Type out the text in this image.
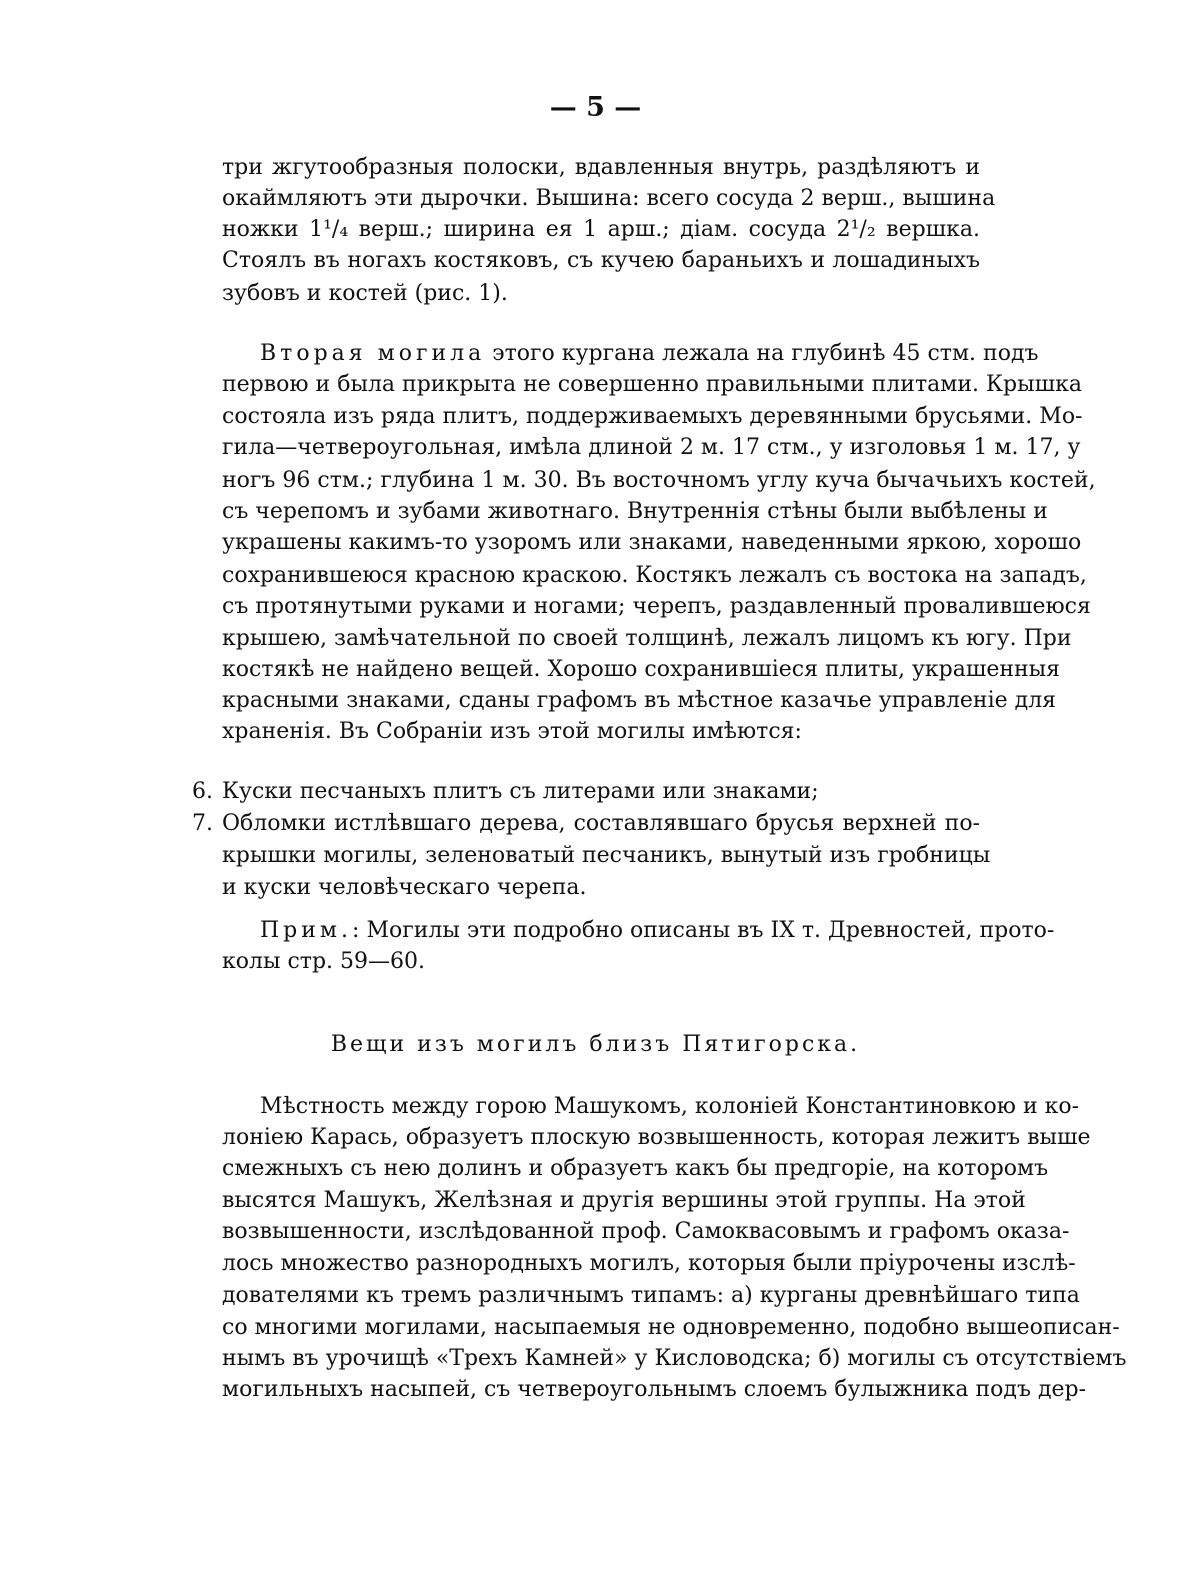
— 5 —
три жгутообразныя полоски, вдавленныя внутрь, раздѣляютъ и
окаймляютъ эти дырочки. Вышина: всего сосуда 2 верш., вышина
ножки 1¹/₄ верш.; ширина ея 1 арш.; діам. сосуда 2¹/₂ вершка.
Стоялъ въ ногахъ костяковъ, съ кучею бараньихъ и лошадиныхъ
зубовъ и костей (рис. 1).
Вторая могила этого кургана лежала на глубинѣ 45 стм. подъ
первою и была прикрыта не совершенно правильными плитами. Крышка
состояла изъ ряда плитъ, поддерживаемыхъ деревянными брусьями. Мо-
гила—четвероугольная, имѣла длиной 2 м. 17 стм., у изголовья 1 м. 17, у
ногъ 96 стм.; глубина 1 м. 30. Въ восточномъ углу куча бычачьихъ костей,
съ черепомъ и зубами животнаго. Внутреннія стѣны были выбѣлены и
украшены какимъ-то узоромъ или знаками, наведенными яркою, хорошо
сохранившеюся красною краскою. Костякъ лежалъ съ востока на западъ,
съ протянутыми руками и ногами; черепъ, раздавленный провалившеюся
крышею, замѣчательной по своей толщинѣ, лежалъ лицомъ къ югу. При
костякѣ не найдено вещей. Хорошо сохранившіеся плиты, украшенныя
красными знаками, сданы графомъ въ мѣстное казачье управленіе для
храненія. Въ Собраніи изъ этой могилы имѣются:
6. Куски песчаныхъ плитъ съ литерами или знаками;
7. Обломки истлѣвшаго дерева, составлявшаго брусья верхней по-
крышки могилы, зеленоватый песчаникъ, вынутый изъ гробницы
и куски человѣческаго черепа.
Прим.: Могилы эти подробно описаны въ IX т. Древностей, прото-
колы стр. 59—60.
Вещи изъ могилъ близъ Пятигорска.
Мѣстность между горою Машукомъ, колоніей Константиновкою и ко-
лоніею Карась, образуетъ плоскую возвышенность, которая лежитъ выше
смежныхъ съ нею долинъ и образуетъ какъ бы предгоріе, на которомъ
высятся Машукъ, Желѣзная и другія вершины этой группы. На этой
возвышенности, изслѣдованной проф. Самоквасовымъ и графомъ оказа-
лось множество разнородныхъ могилъ, которыя были пріурочены изслѣ-
дователями къ тремъ различнымъ типамъ: а) курганы древнѣйшаго типа
со многими могилами, насыпаемыя не одновременно, подобно вышеописан-
нымъ въ урочищѣ «Трехъ Камней» у Кисловодска; б) могилы съ отсутствіемъ
могильныхъ насыпей, съ четвероугольнымъ слоемъ булыжника подъ дер-
